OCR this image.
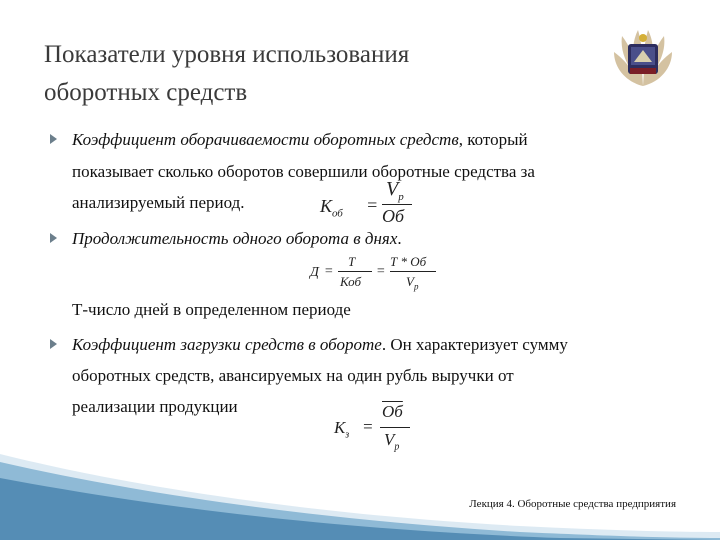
Показатели уровня использования
оборотных средств
Коэффициент оборачиваемости оборотных средств, который
показывает сколько оборотов совершили оборотные средства за
анализируемый период.	$К_{об}$ =
$V_p$
Об
Продолжительность одного оборота в днях.
Д =
Т
Коб
=
Т * Об
$V_р$
Т-число дней в определенном периоде
Коэффициент загрузки средств в обороте. Он характеризует сумму
оборотных средств, авансируемых на один рубль выручки от
реализации продукции
$К_з$ =
Об
$V_р$
Лекция 4. Оборотные средства предприятия
